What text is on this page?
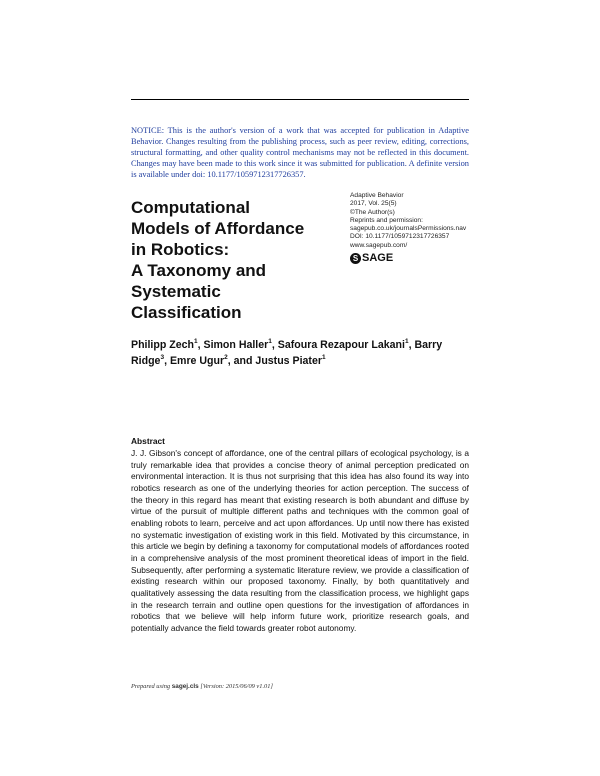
NOTICE: This is the author's version of a work that was accepted for publication in Adaptive Behavior. Changes resulting from the publishing process, such as peer review, editing, corrections, structural formatting, and other quality control mechanisms may not be reflected in this document. Changes may have been made to this work since it was submitted for publication. A definite version is available under doi: 10.1177/1059712317726357.
Computational
Models of Affordance
in Robotics:
A Taxonomy and
Systematic
Classification
Adaptive Behavior
2017, Vol. 25(5)
©The Author(s)
Reprints and permission:
sagepub.co.uk/journalsPermissions.nav
DOI: 10.1177/1059712317726357
www.sagepub.com/
S SAGE
Philipp Zech$^1$, Simon Haller$^1$, Safoura Rezapour Lakani$^1$, Barry Ridge$^3$, Emre Ugur$^2$, and Justus Piater$^1$
Abstract
J. J. Gibson's concept of affordance, one of the central pillars of ecological psychology, is a truly remarkable idea that provides a concise theory of animal perception predicated on environmental interaction. It is thus not surprising that this idea has also found its way into robotics research as one of the underlying theories for action perception. The success of the theory in this regard has meant that existing research is both abundant and diffuse by virtue of the pursuit of multiple different paths and techniques with the common goal of enabling robots to learn, perceive and act upon affordances. Up until now there has existed no systematic investigation of existing work in this field. Motivated by this circumstance, in this article we begin by defining a taxonomy for computational models of affordances rooted in a comprehensive analysis of the most prominent theoretical ideas of import in the field. Subsequently, after performing a systematic literature review, we provide a classification of existing research within our proposed taxonomy. Finally, by both quantitatively and qualitatively assessing the data resulting from the classification process, we highlight gaps in the research terrain and outline open questions for the investigation of affordances in robotics that we believe will help inform future work, prioritize research goals, and potentially advance the field towards greater robot autonomy.
Prepared using sagej.cls [Version: 2015/06/09 v1.01]
